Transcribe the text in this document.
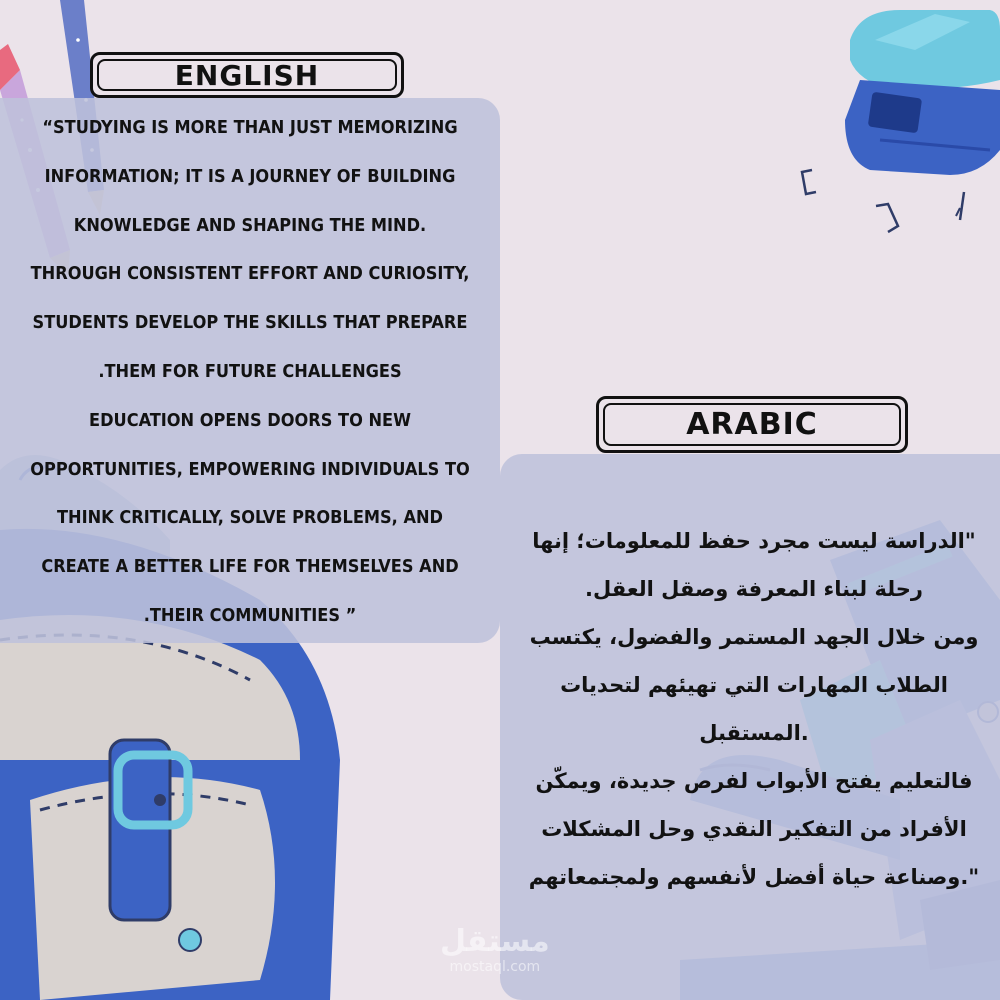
ENGLISH
“STUDYING IS MORE THAN JUST MEMORIZING
INFORMATION; IT IS A JOURNEY OF BUILDING
KNOWLEDGE AND SHAPING THE MIND.
THROUGH CONSISTENT EFFORT AND CURIOSITY,
STUDENTS DEVELOP THE SKILLS THAT PREPARE
.THEM FOR FUTURE CHALLENGES
EDUCATION OPENS DOORS TO NEW
OPPORTUNITIES, EMPOWERING INDIVIDUALS TO
THINK CRITICALLY, SOLVE PROBLEMS, AND
CREATE A BETTER LIFE FOR THEMSELVES AND
.THEIR COMMUNITIES ”
ARABIC
"الدراسة ليست مجرد حفظ للمعلومات؛ إنها
رحلة لبناء المعرفة وصقل العقل.
ومن خلال الجهد المستمر والفضول، يكتسب
الطلاب المهارات التي تهيئهم لتحديات
.المستقبل
فالتعليم يفتح الأبواب لفرص جديدة، ويمكّن
الأفراد من التفكير النقدي وحل المشكلات
".وصناعة حياة أفضل لأنفسهم ولمجتمعاتهم
مستقل
mostaql.com
